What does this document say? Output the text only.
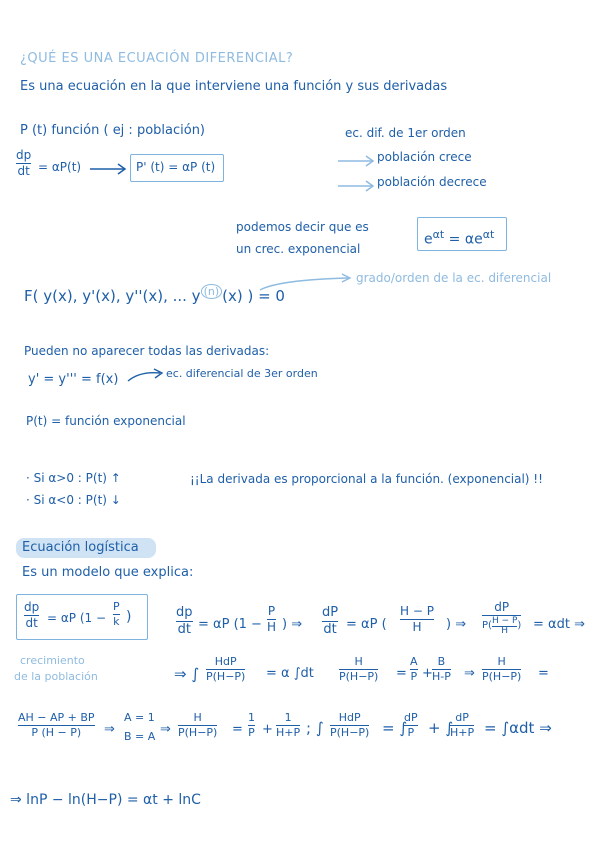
¿QUÉ ES UNA ECUACIÓN DIFERENCIAL?
Es una ecuación en la que interviene una función y sus derivadas
P (t) función ( ej : población)
dp
dt = αP(t)	P' (t) = αP (t)
ec. dif. de 1er orden
población crece
población decrece
podemos decir que es
un crec. exponencial
$e^{\alpha t} = \alpha e^{\alpha t}$
F( y(x), y'(x), y''(x), ... y $^{(n)}$ (x) ) = 0
grado/orden de la ec. diferencial
Pueden no aparecer todas las derivadas:
y' = y''' = f(x)	ec. diferencial de 3er orden
P(t) = función exponencial
· Si α>0 : P(t) ↑
· Si α<0 : P(t) ↓
¡¡La derivada es proporcional a la función. (exponencial) !!
Ecuación logística
Es un modelo que explica:
dp
dt = αP (1 −
P
k )
crecimiento
de la población
dp
dt = αP (1 −
P
H ) ⇒
dP
dt = αP (
H − P
H ) ⇒
dP
P( H − P
H ) = αdt ⇒
⇒ ∫
HdP
P(H−P) = α ∫dt
H
P(H−P) =
A
P +
B
H-P ⇒
H
P(H−P) =
AH − AP + BP
P (H − P) ⇒
A = 1
B = A ⇒
H
P(H−P) =
1
P +
1
H+P ; ∫
HdP
P(H−P) = ∫
dP
P + ∫
dP
H+P = ∫αdt ⇒
⇒ lnP − ln(H−P) = αt + lnC
